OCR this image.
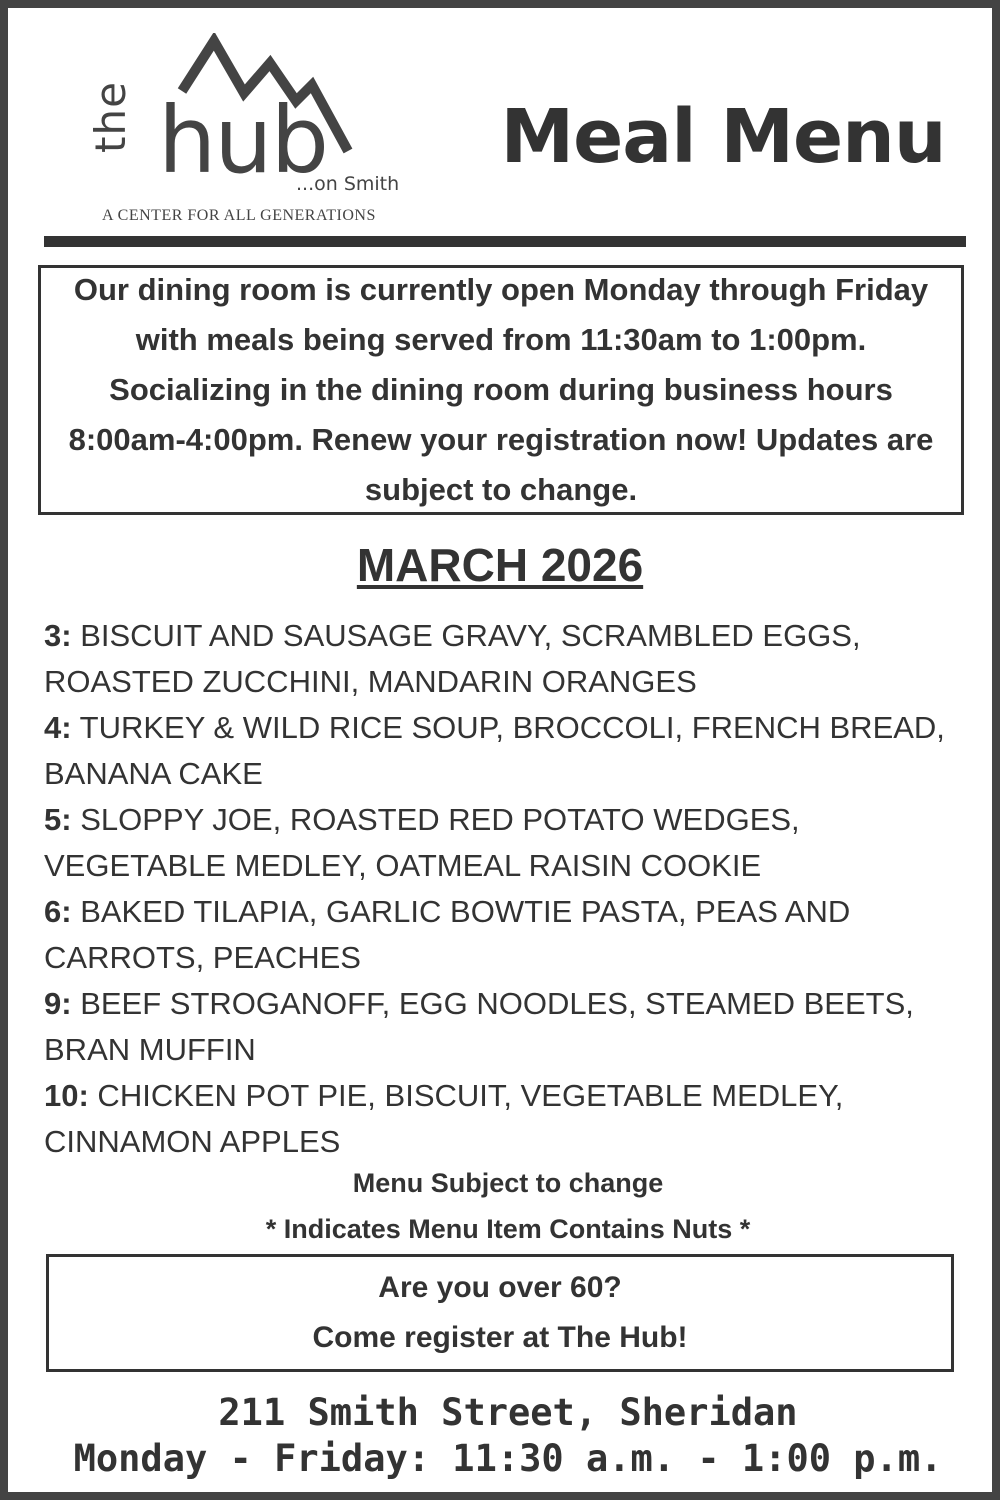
the hub
...on Smith
A CENTER FOR ALL GENERATIONS
Meal Menu
Our dining room is currently open Monday through Friday with meals being served from 11:30am to 1:00pm. Socializing in the dining room during business hours 8:00am-4:00pm. Renew your registration now! Updates are subject to change.
MARCH 2026
3: BISCUIT AND SAUSAGE GRAVY, SCRAMBLED EGGS, ROASTED ZUCCHINI, MANDARIN ORANGES
4: TURKEY & WILD RICE SOUP, BROCCOLI, FRENCH BREAD, BANANA CAKE
5: SLOPPY JOE, ROASTED RED POTATO WEDGES, VEGETABLE MEDLEY, OATMEAL RAISIN COOKIE
6: BAKED TILAPIA, GARLIC BOWTIE PASTA, PEAS AND CARROTS, PEACHES
9: BEEF STROGANOFF, EGG NOODLES, STEAMED BEETS, BRAN MUFFIN
10: CHICKEN POT PIE, BISCUIT, VEGETABLE MEDLEY, CINNAMON APPLES
Menu Subject to change
* Indicates Menu Item Contains Nuts *
Are you over 60?
Come register at The Hub!
211 Smith Street, Sheridan
Monday - Friday: 11:30 a.m. - 1:00 p.m.
